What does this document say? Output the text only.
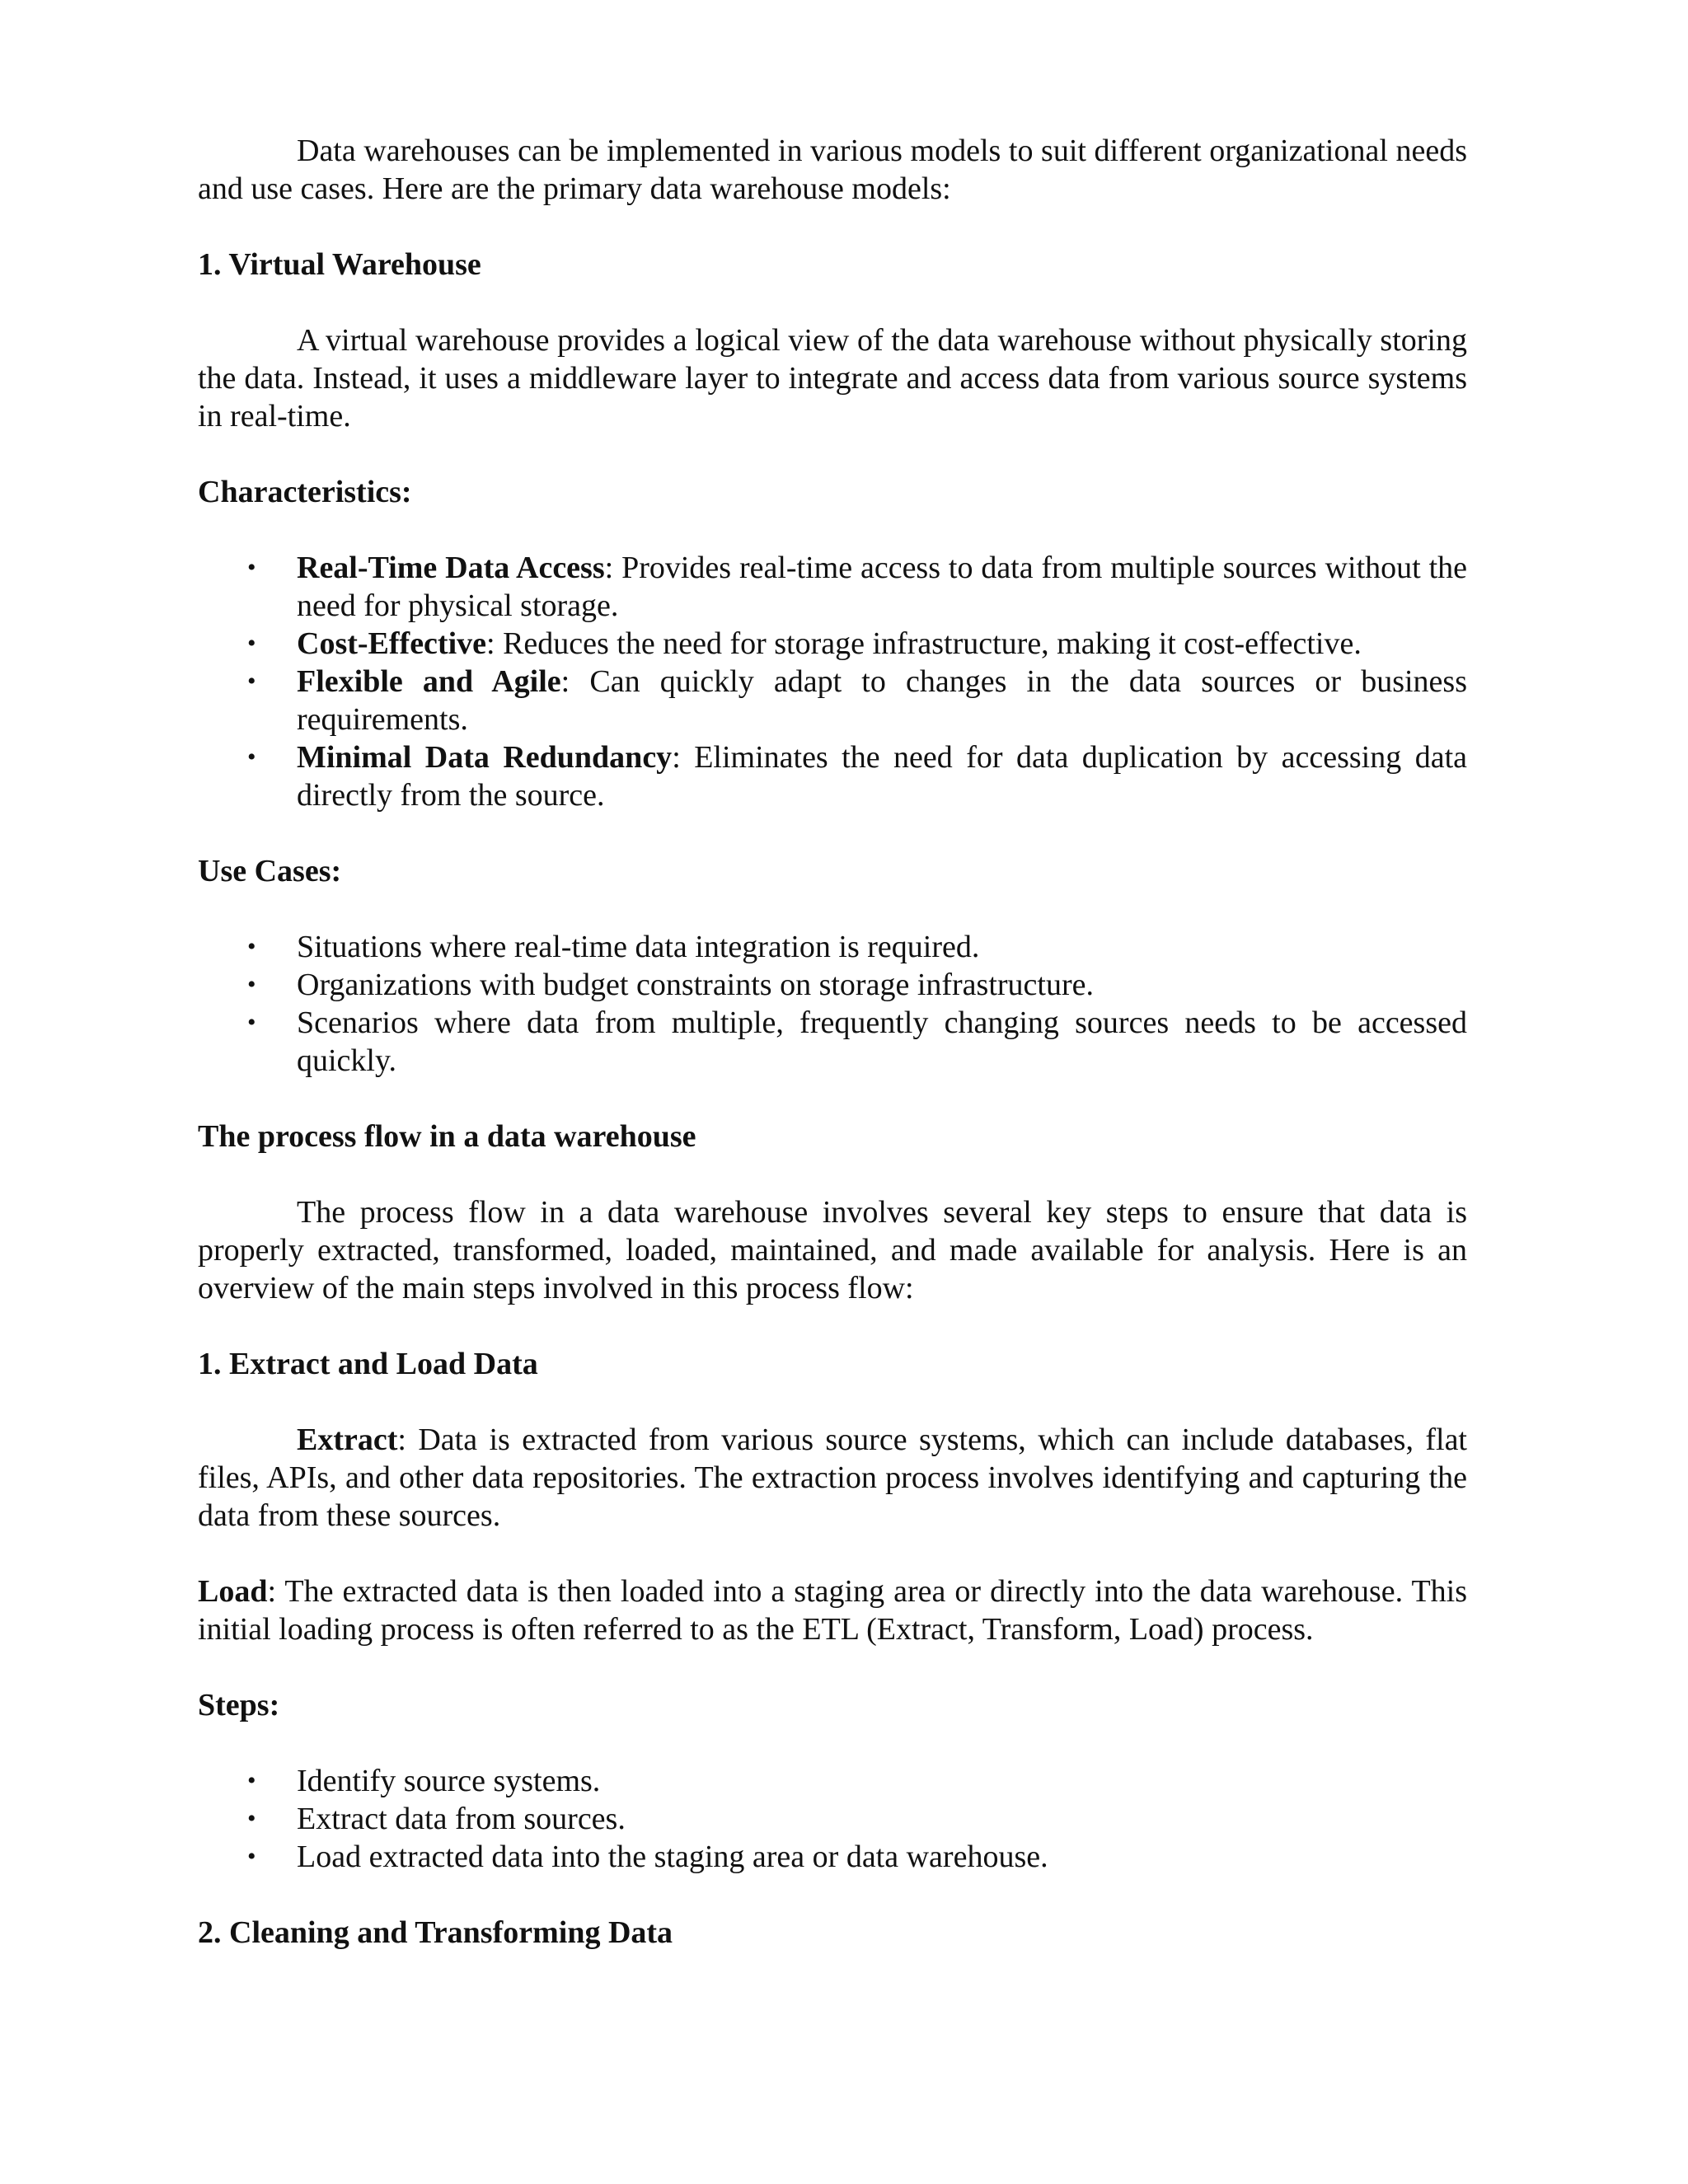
Data warehouses can be implemented in various models to suit different organizational needs and use cases. Here are the primary data warehouse models:

1. Virtual Warehouse

A virtual warehouse provides a logical view of the data warehouse without physically storing the data. Instead, it uses a middleware layer to integrate and access data from various source systems in real-time.

Characteristics:

• Real-Time Data Access: Provides real-time access to data from multiple sources without the need for physical storage.
• Cost-Effective: Reduces the need for storage infrastructure, making it cost-effective.
• Flexible and Agile: Can quickly adapt to changes in the data sources or business requirements.
• Minimal Data Redundancy: Eliminates the need for data duplication by accessing data directly from the source.

Use Cases:

• Situations where real-time data integration is required.
• Organizations with budget constraints on storage infrastructure.
• Scenarios where data from multiple, frequently changing sources needs to be accessed quickly.

The process flow in a data warehouse

The process flow in a data warehouse involves several key steps to ensure that data is properly extracted, transformed, loaded, maintained, and made available for analysis. Here is an overview of the main steps involved in this process flow:

1. Extract and Load Data

Extract: Data is extracted from various source systems, which can include databases, flat files, APIs, and other data repositories. The extraction process involves identifying and capturing the data from these sources.

Load: The extracted data is then loaded into a staging area or directly into the data warehouse. This initial loading process is often referred to as the ETL (Extract, Transform, Load) process.

Steps:

• Identify source systems.
• Extract data from sources.
• Load extracted data into the staging area or data warehouse.

2. Cleaning and Transforming Data
